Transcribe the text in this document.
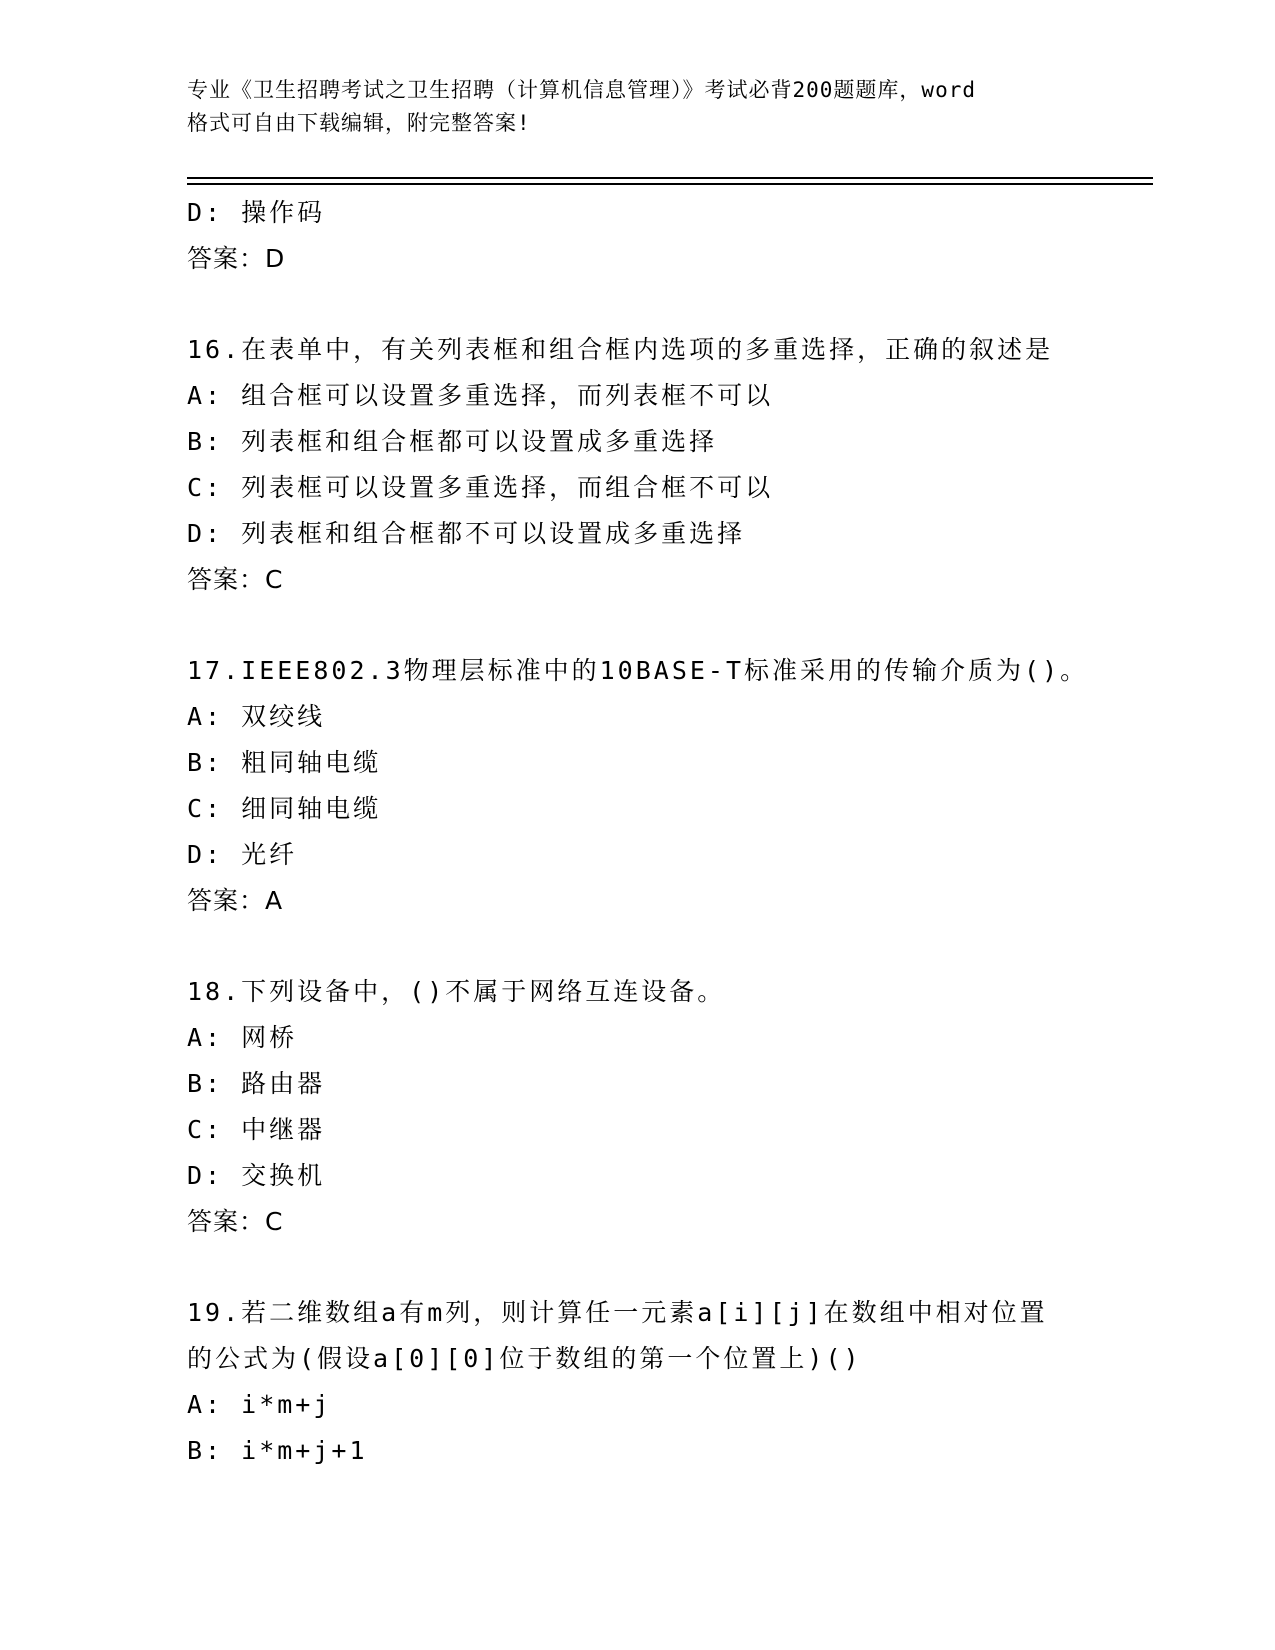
专业《卫生招聘考试之卫生招聘（计算机信息管理）》考试必背200题题库，word
格式可自由下载编辑，附完整答案!
D: 操作码
答案：D
16.在表单中，有关列表框和组合框内选项的多重选择，正确的叙述是
A: 组合框可以设置多重选择，而列表框不可以
B: 列表框和组合框都可以设置成多重选择
C: 列表框可以设置多重选择，而组合框不可以
D: 列表框和组合框都不可以设置成多重选择
答案：C
17.IEEE802.3物理层标准中的10BASE-T标准采用的传输介质为()。
A: 双绞线
B: 粗同轴电缆
C: 细同轴电缆
D: 光纤
答案：A
18.下列设备中，()不属于网络互连设备。
A: 网桥
B: 路由器
C: 中继器
D: 交换机
答案：C
19.若二维数组a有m列，则计算任一元素a[i][j]在数组中相对位置
的公式为(假设a[0][0]位于数组的第一个位置上)()
A: i*m+j
B: i*m+j+1
